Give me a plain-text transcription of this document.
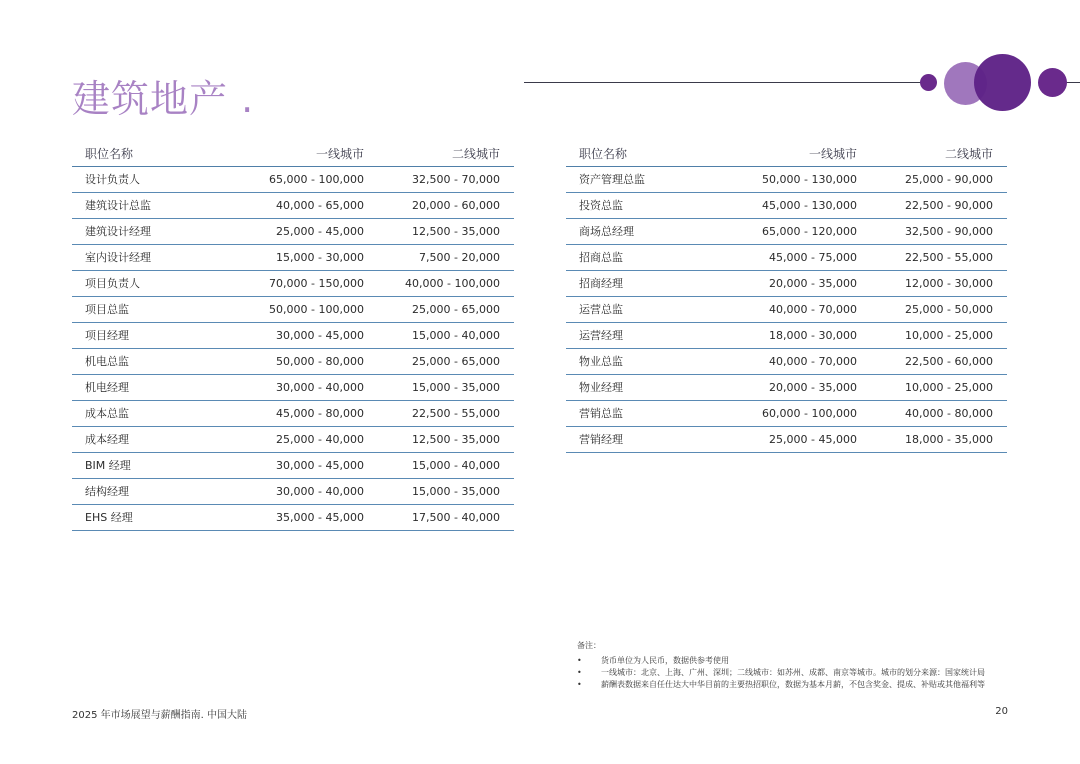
建筑地产 .
职位名称	一线城市	二线城市
设计负责人	65,000 - 100,000	32,500 - 70,000
建筑设计总监	40,000 - 65,000	20,000 - 60,000
建筑设计经理	25,000 - 45,000	12,500 - 35,000
室内设计经理	15,000 - 30,000	7,500 - 20,000
项目负责人	70,000 - 150,000	40,000 - 100,000
项目总监	50,000 - 100,000	25,000 - 65,000
项目经理	30,000 - 45,000	15,000 - 40,000
机电总监	50,000 - 80,000	25,000 - 65,000
机电经理	30,000 - 40,000	15,000 - 35,000
成本总监	45,000 - 80,000	22,500 - 55,000
成本经理	25,000 - 40,000	12,500 - 35,000
BIM 经理	30,000 - 45,000	15,000 - 40,000
结构经理	30,000 - 40,000	15,000 - 35,000
EHS 经理	35,000 - 45,000	17,500 - 40,000
职位名称	一线城市	二线城市
资产管理总监	50,000 - 130,000	25,000 - 90,000
投资总监	45,000 - 130,000	22,500 - 90,000
商场总经理	65,000 - 120,000	32,500 - 90,000
招商总监	45,000 - 75,000	22,500 - 55,000
招商经理	20,000 - 35,000	12,000 - 30,000
运营总监	40,000 - 70,000	25,000 - 50,000
运营经理	18,000 - 30,000	10,000 - 25,000
物业总监	40,000 - 70,000	22,500 - 60,000
物业经理	20,000 - 35,000	10,000 - 25,000
营销总监	60,000 - 100,000	40,000 - 80,000
营销经理	25,000 - 45,000	18,000 - 35,000
备注：
• 货币单位为人民币，数据供参考使用
• 一线城市：北京、上海、广州、深圳；二线城市：如苏州、成都、南京等城市。城市的划分来源：国家统计局
• 薪酬表数据来自任仕达大中华目前的主要热招职位，数据为基本月薪，不包含奖金、提成、补贴或其他福利等
2025 年市场展望与薪酬指南. 中国大陆	20
